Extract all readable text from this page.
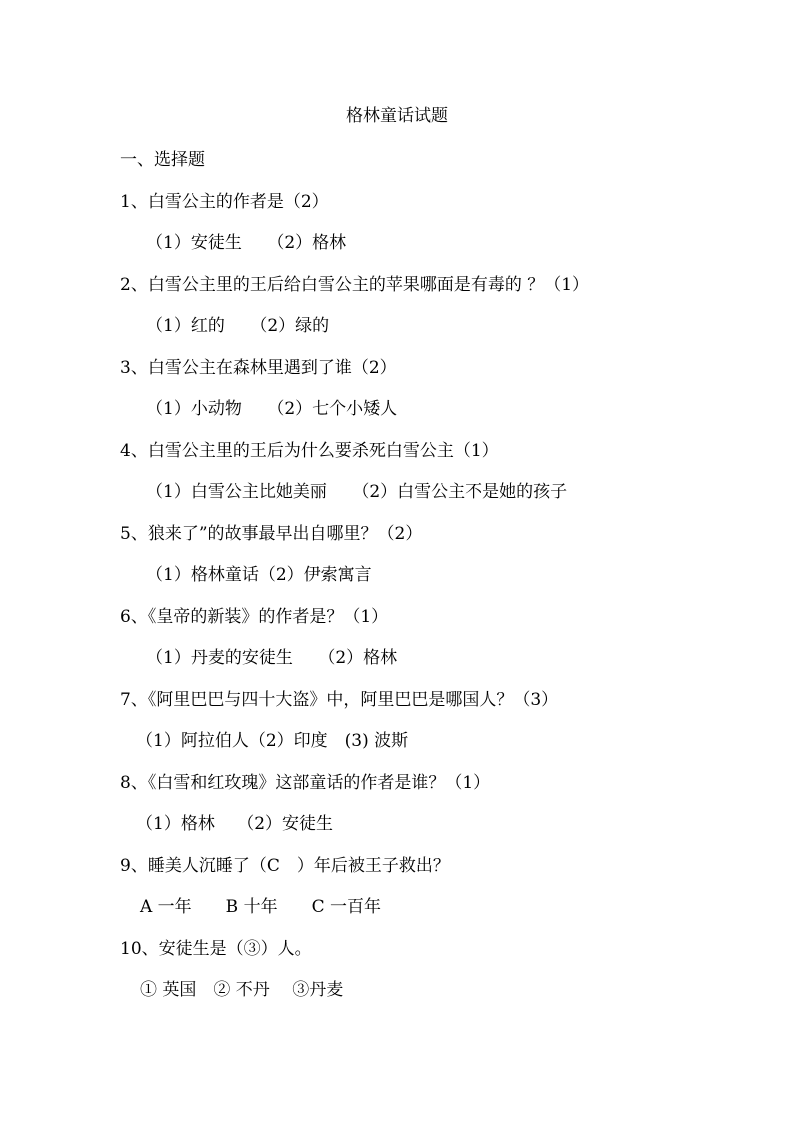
格林童话试题
一、选择题
1、白雪公主的作者是（2）
（1）安徒生　　（2）格林
2、白雪公主里的王后给白雪公主的苹果哪面是有毒的 ？（1）
（1）红的　　（2）绿的
3、白雪公主在森林里遇到了谁（2）
（1）小动物　　（2）七个小矮人
4、白雪公主里的王后为什么要杀死白雪公主（1）
（1）白雪公主比她美丽　　（2）白雪公主不是她的孩子
5、狼来了”的故事最早出自哪里？（2）
（1）格林童话（2）伊索寓言
6、《皇帝的新装》的作者是？（1）
（1）丹麦的安徒生　　（2）格林
7、《阿里巴巴与四十大盗》中，阿里巴巴是哪国人？（3）
（1）阿拉伯人（2）印度　(3) 波斯
8、《白雪和红玫瑰》这部童话的作者是谁？（1）
（1）格林　 （2）安徒生
9、睡美人沉睡了（C　）年后被王子救出？
A 一年　　B 十年　　C 一百年
10、安徒生是（③）人。
① 英国　② 不丹　 ③丹麦
